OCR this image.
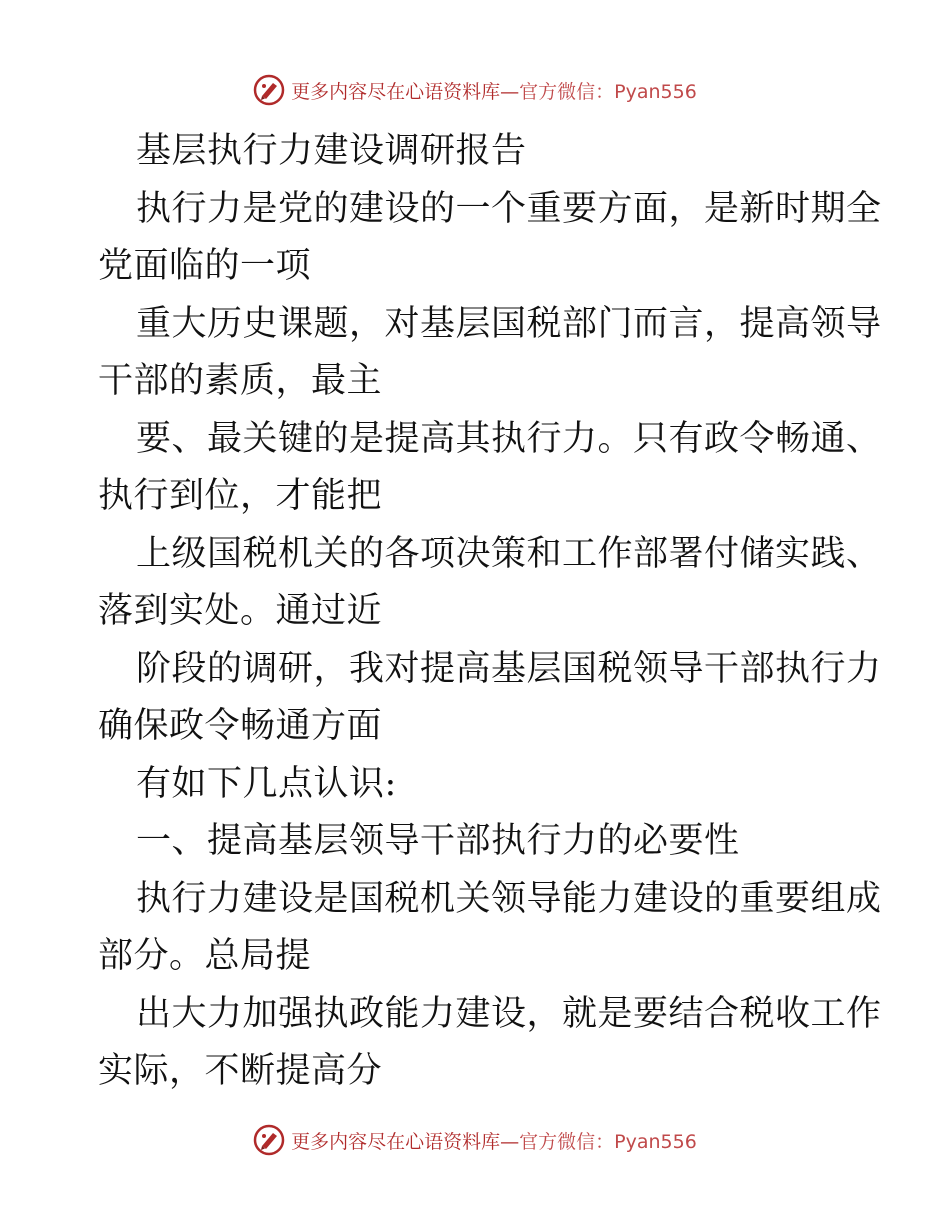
更多内容尽在心语资料库—官方微信：Pyan556
基层执行力建设调研报告
执行力是党的建设的一个重要方面，是新时期全
党面临的一项
重大历史课题，对基层国税部门而言，提高领导
干部的素质，最主
要、最关键的是提高其执行力。只有政令畅通、
执行到位，才能把
上级国税机关的各项决策和工作部署付储实践、
落到实处。通过近
阶段的调研，我对提高基层国税领导干部执行力
确保政令畅通方面
有如下几点认识:
一、提高基层领导干部执行力的必要性
执行力建设是国税机关领导能力建设的重要组成
部分。总局提
出大力加强执政能力建设，就是要结合税收工作
实际，不断提高分
更多内容尽在心语资料库—官方微信：Pyan556
